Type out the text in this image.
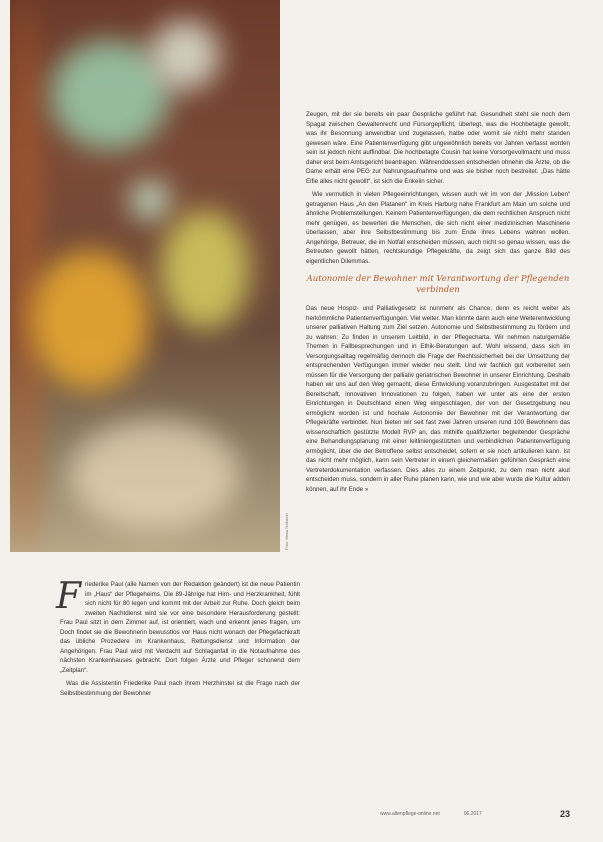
Foto: Manu Hollstein

Zeugen, mit der sie bereits ein paar Gespräche geführt hat. Gesundheit steht sie noch dem Spagat zwischen Gewaltenrecht und Fürsorgepflicht, überlegt, was die Hochbetagte gewollt, was ihr Besonnung anwendbar und zugelassen, halbe oder womit sie nicht mehr standen gewesen wäre. Eine Patientenverfügung gibt ungewöhnlich bereits vor Jahren verfasst worden sein ist jedoch nicht auffindbar. Die hochbetagte Cousin hat keine Vorsorgevollmacht und muss daher erst beim Amtsgericht beantragen. Währenddessen entscheiden ohnehin die Ärzte, ob die Dame erhält eine PEG zur Nahrungsaufnahme und was sie bisher noch bestreitet. „Das hätte Elfie alles nicht gewollt“, ist sich die Enkelin sicher.

Wie vermutlich in vielen Pflegeeinrichtungen, wissen auch wir im von der „Mission Leben“ getragenen Haus „An den Platanen“ im Kreis Harburg nahe Frankfurt am Main um solche und ähnliche Problemstellungen. Keinem Patientenverfügungen, die dem rechtlichen Anspruch nicht mehr genügen, es bewerten die Menschen, die sich nicht einer medizinischen Maschinerie überlassen, aber ihre Selbstbestimmung bis zum Ende ihres Lebens wahren wollen. Angehörige, Betreuer, die im Notfall entscheiden müssen, auch nicht so genau wissen, was die Betreuten gewollt hätten, rechtskundige Pflegekräfte, da zeigt sich das ganze Bild des eigentlichen Dilemmas.

Autonomie der Bewohner mit Verantwortung der Pflegenden verbinden

Das neue Hospiz- und Palliativgesetz ist nunmehr als Chance, denn es reicht weiter als herkömmliche Patientenverfügungen. Viel weiter. Man könnte dann auch eine Weiterentwicklung unserer palliativen Haltung zum Ziel setzen. Autonomie und Selbstbestimmung zu fördern und zu wahren: Zu finden in unserem Leitbild, in der Pflegecharta. Wir nehmen naturgemäße Themen in Fallbesprechungen und in Ethik-Beratungen auf. Wohl wissend, dass sich im Versorgungsalltag regelmäßig dennoch die Frage der Rechtssicherheit bei der Umsetzung der entsprechenden Verfügungen immer wieder neu stellt. Und wir fachlich gut vorbereitet sein müssen für die Versorgung der palliativ geriatrischen Bewohner in unserer Einrichtung. Deshalb haben wir uns auf den Weg gemacht, diese Entwicklung voranzubringen. Ausgestattet mit der Bereitschaft, innovativen Innovationen zu folgen, haben wir unter als eine der ersten Einrichtungen in Deutschland einen Weg eingeschlagen, der von der Gesetzgebung neu ermöglicht worden ist und hochale Autonomie der Bewohner mit der Verantwortung der Pflegekräfte verbindet. Nun bieten wir seit fast zwei Jahren unseren rund 100 Bewohnern das wissenschaftlich gestützte Modell RVP an, das mithilfe qualifizierter begleitender Gespräche eine Behandlungsplanung mit einer leitliniengestützten und verbindlichen Patientenverfügung ermöglicht, über die der Betroffene selbst entscheidet, sofern er sie noch artikulieren kann. Ist das nicht mehr möglich, kann sein Vertreter in einem gleichermaßen geführten Gespräch eine Vertreterdokumentation verfassen. Dies alles zu einem Zeitpunkt, zu dem man nicht akut entscheiden muss, sondern in aller Ruhe planen kann, wie und wie aber wurde die Kultur adden können, auf ihr Ende »

F riederike Paul (alle Namen von der Redaktion geändert) ist die neue Patientin im „Haus“ der Pflegeheims. Die 89-Jährige hat Hirn- und Herzkrankheit, fühlt sich nicht für 80 legen und kommt mit der Arbeit zur Ruhe. Doch gleich beim zweiten Nachtdienst wird sie vor eine besondere Herausforderung gestellt: Frau Paul sitzt in dem Zimmer auf, ist orientiert, wach und erkennt jenes fragen, um Doch findet sie die Bewohnerin bewusstlos vor Haus nicht wonach der Pflegefachkraft das übliche Prozedere im Krankenhaus, Rettungsdienst und Information der Angehörigen. Frau Paul wird mit Verdacht auf Schlaganfall in die Notaufnahme des nächsten Krankenhauses gebracht. Dort folgen Ärzte und Pfleger schonend dem „Zeitplan“.

Was die Assistentin Friederike Paul nach ihrem Herzhinstel ist die Frage nach der Selbstbestimmung der Bewohner

www.altenpflege-online.net	06.2017	23
